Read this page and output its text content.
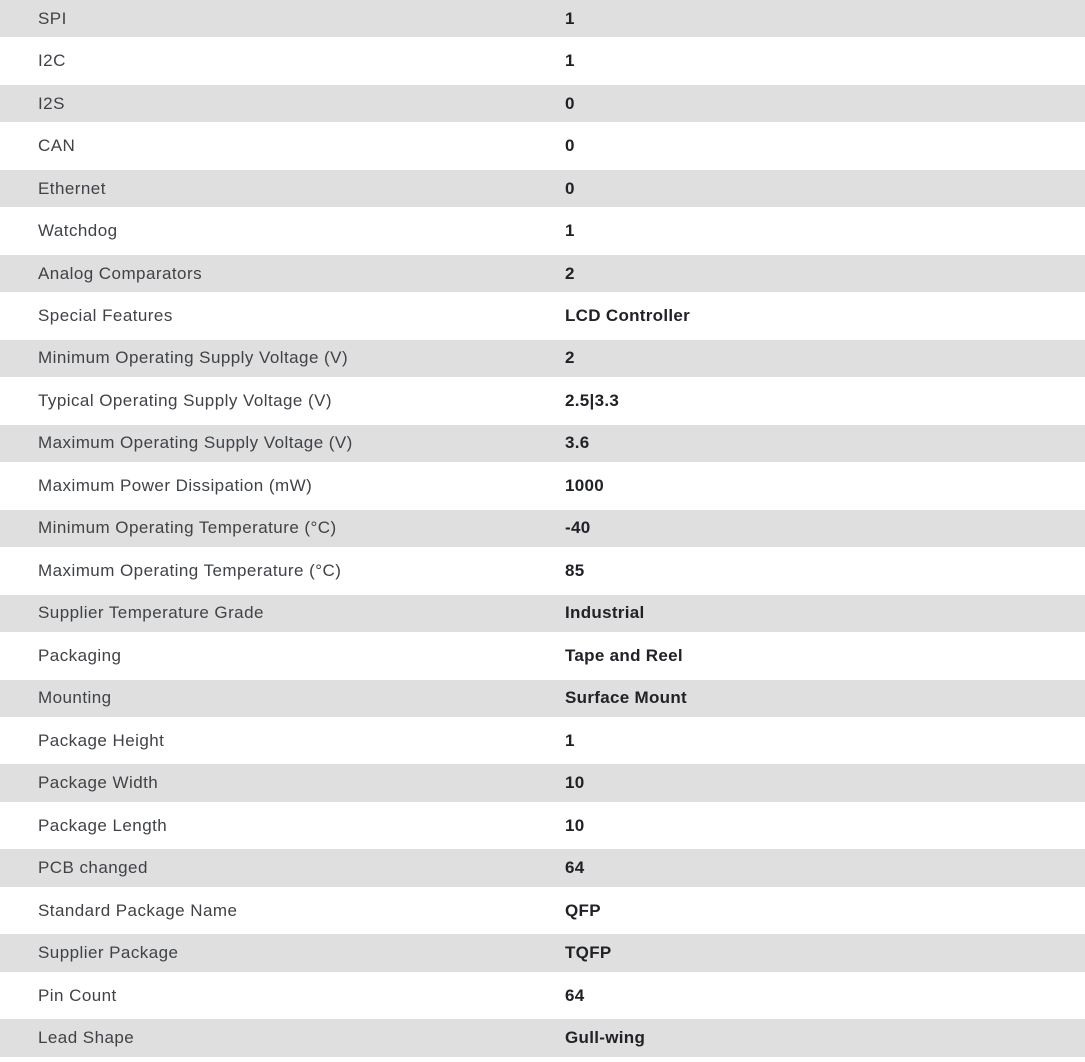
SPI	1
I2C	1
I2S	0
CAN	0
Ethernet	0
Watchdog	1
Analog Comparators	2
Special Features	LCD Controller
Minimum Operating Supply Voltage (V)	2
Typical Operating Supply Voltage (V)	2.5|3.3
Maximum Operating Supply Voltage (V)	3.6
Maximum Power Dissipation (mW)	1000
Minimum Operating Temperature (°C)	-40
Maximum Operating Temperature (°C)	85
Supplier Temperature Grade	Industrial
Packaging	Tape and Reel
Mounting	Surface Mount
Package Height	1
Package Width	10
Package Length	10
PCB changed	64
Standard Package Name	QFP
Supplier Package	TQFP
Pin Count	64
Lead Shape	Gull-wing
